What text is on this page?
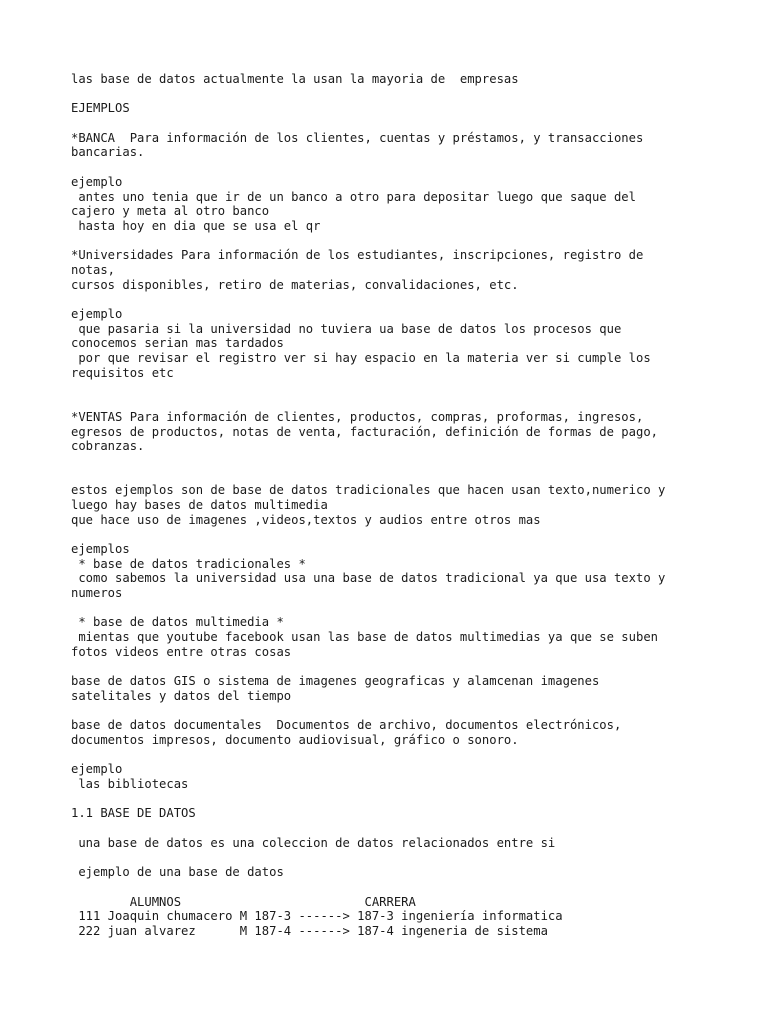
las base de datos actualmente la usan la mayoria de  empresas
EJEMPLOS
*BANCA  Para información de los clientes, cuentas y préstamos, y transacciones
bancarias.
ejemplo
antes uno tenia que ir de un banco a otro para depositar luego que saque del
cajero y meta al otro banco
hasta hoy en dia que se usa el qr
*Universidades Para información de los estudiantes, inscripciones, registro de
notas,
cursos disponibles, retiro de materias, convalidaciones, etc.
ejemplo
que pasaria si la universidad no tuviera ua base de datos los procesos que
conocemos serian mas tardados
por que revisar el registro ver si hay espacio en la materia ver si cumple los
requisitos etc
*VENTAS Para información de clientes, productos, compras, proformas, ingresos,
egresos de productos, notas de venta, facturación, definición de formas de pago,
cobranzas.
estos ejemplos son de base de datos tradicionales que hacen usan texto,numerico y
luego hay bases de datos multimedia
que hace uso de imagenes ,videos,textos y audios entre otros mas
ejemplos
* base de datos tradicionales *
como sabemos la universidad usa una base de datos tradicional ya que usa texto y
numeros
* base de datos multimedia *
mientas que youtube facebook usan las base de datos multimedias ya que se suben
fotos videos entre otras cosas
base de datos GIS o sistema de imagenes geograficas y alamcenan imagenes
satelitales y datos del tiempo
base de datos documentales  Documentos de archivo, documentos electrónicos,
documentos impresos, documento audiovisual, gráfico o sonoro.
ejemplo
las bibliotecas
1.1 BASE DE DATOS
una base de datos es una coleccion de datos relacionados entre si
ejemplo de una base de datos
ALUMNOS                         CARRERA
111 Joaquin chumacero M 187-3 ------> 187-3 ingeniería informatica
222 juan alvarez      M 187-4 ------> 187-4 ingeneria de sistema
